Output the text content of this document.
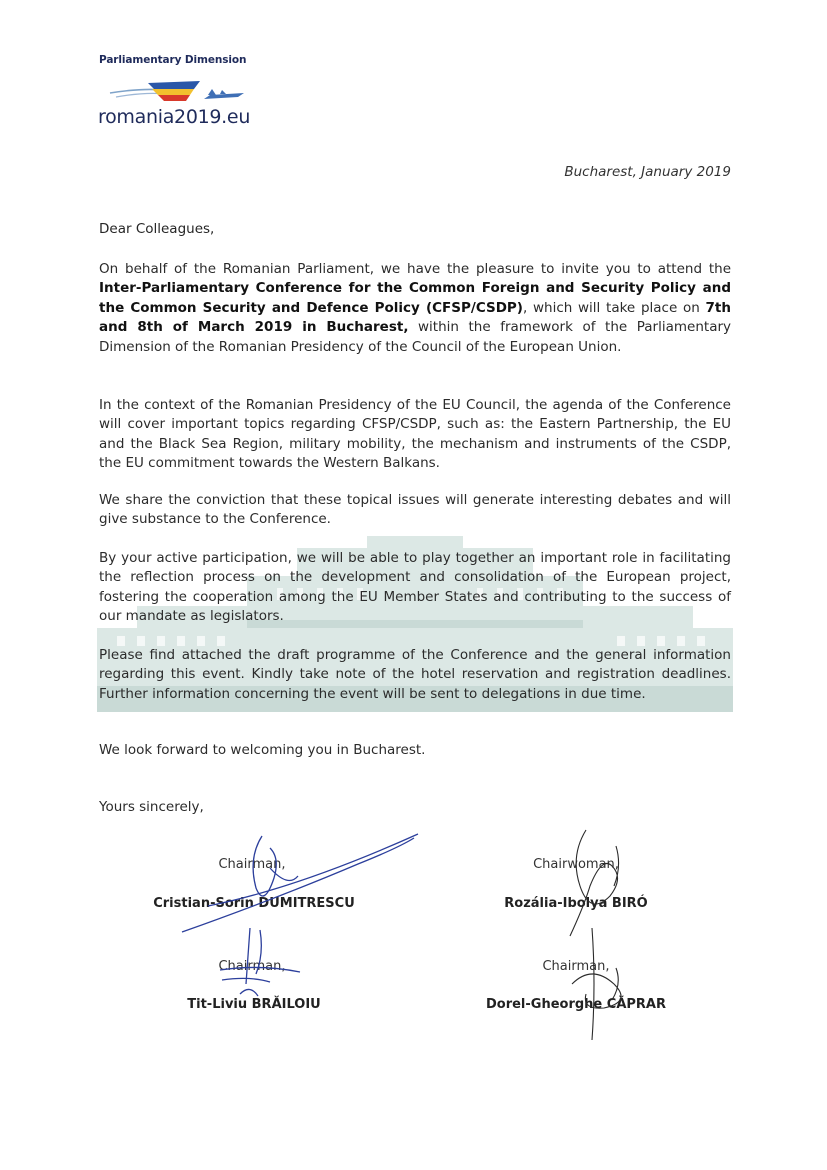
Parliamentary Dimension
romania2019.eu
Bucharest, January 2019
Dear Colleagues,

On behalf of the Romanian Parliament, we have the pleasure to invite you to attend the Inter-Parliamentary Conference for the Common Foreign and Security Policy and the Common Security and Defence Policy (CFSP/CSDP), which will take place on 7th and 8th of March 2019 in Bucharest, within the framework of the Parliamentary Dimension of the Romanian Presidency of the Council of the European Union.

In the context of the Romanian Presidency of the EU Council, the agenda of the Conference will cover important topics regarding CFSP/CSDP, such as: the Eastern Partnership, the EU and the Black Sea Region, military mobility, the mechanism and instruments of the CSDP, the EU commitment towards the Western Balkans.

We share the conviction that these topical issues will generate interesting debates and will give substance to the Conference.

By your active participation, we will be able to play together an important role in facilitating the reflection process on the development and consolidation of the European project, fostering the cooperation among the EU Member States and contributing to the success of our mandate as legislators.

Please find attached the draft programme of the Conference and the general information regarding this event. Kindly take note of the hotel reservation and registration deadlines. Further information concerning the event will be sent to delegations in due time.

We look forward to welcoming you in Bucharest.

Yours sincerely,
Chairman,
Cristian-Sorin DUMITRESCU
Chairwoman,
Rozália-Ibolya BIRÓ
Chairman,
Tit-Liviu BRĂILOIU
Chairman,
Dorel-Gheorghe CĂPRAR
